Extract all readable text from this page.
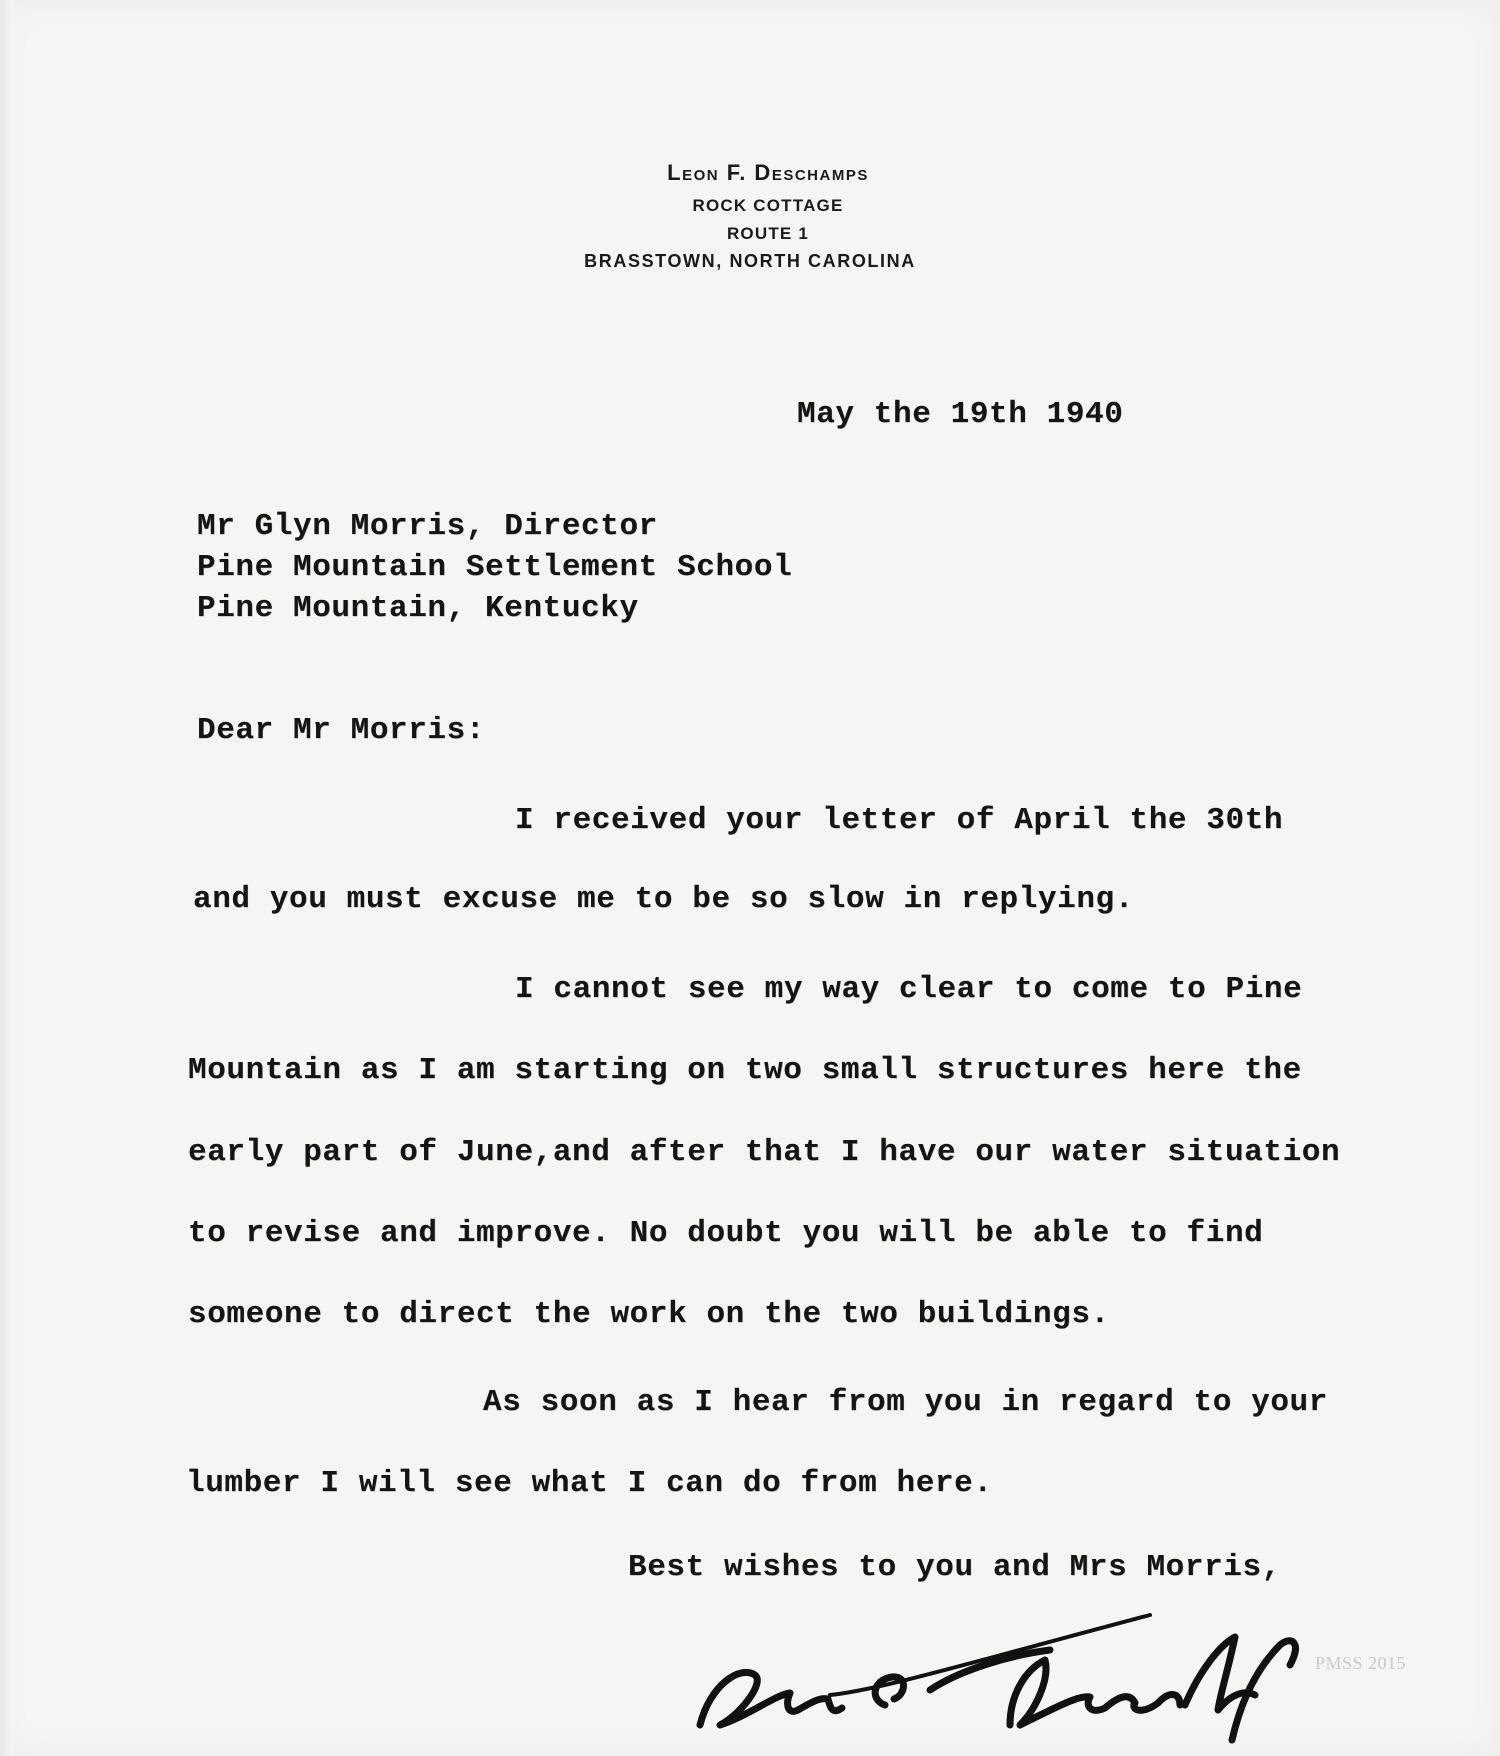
Leon F. Deschamps
ROCK COTTAGE
ROUTE 1
BRASSTOWN, NORTH CAROLINA
May the 19th 1940
Mr Glyn Morris, Director
Pine Mountain Settlement School
Pine Mountain, Kentucky
Dear Mr Morris:
I received your letter of April the 30th
and you must excuse me to be so slow in replying.
I cannot see my way clear to come to Pine
Mountain as I am starting on two small structures here the
early part of June,and after that I have our water situation
to revise and improve. No doubt you will be able to find
someone to direct the work on the two buildings.
As soon as I hear from you in regard to your
lumber I will see what I can do from here.
Best wishes to you and Mrs Morris,
PMSS 2015
